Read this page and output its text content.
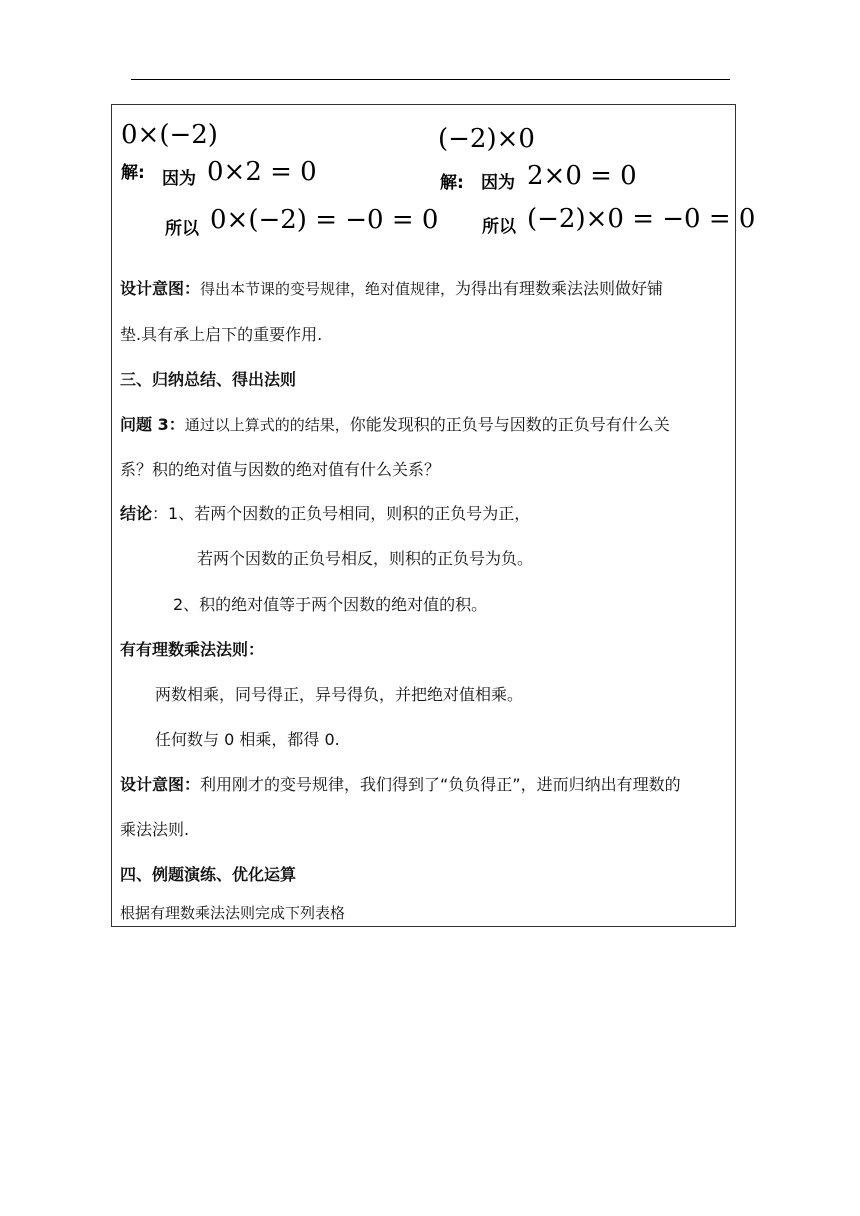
0×(−2)
解: 因为 0×2 = 0
所以 0×(−2) = −0 = 0
(−2)×0
解: 因为 2×0 = 0
所以 (−2)×0 = −0 = 0
设计意图：得出本节课的变号规律，绝对值规律，为得出有理数乘法法则做好铺
垫.具有承上启下的重要作用.
三、归纳总结、得出法则
问题 3：通过以上算式的的结果，你能发现积的正负号与因数的正负号有什么关
系？积的绝对值与因数的绝对值有什么关系？
结论：1、若两个因数的正负号相同，则积的正负号为正，
若两个因数的正负号相反，则积的正负号为负。
2、积的绝对值等于两个因数的绝对值的积。
有有理数乘法法则：
两数相乘，同号得正，异号得负，并把绝对值相乘。
任何数与 0 相乘，都得 0.
设计意图：利用刚才的变号规律，我们得到了“负负得正”，进而归纳出有理数的
乘法法则.
四、例题演练、优化运算
根据有理数乘法法则完成下列表格
